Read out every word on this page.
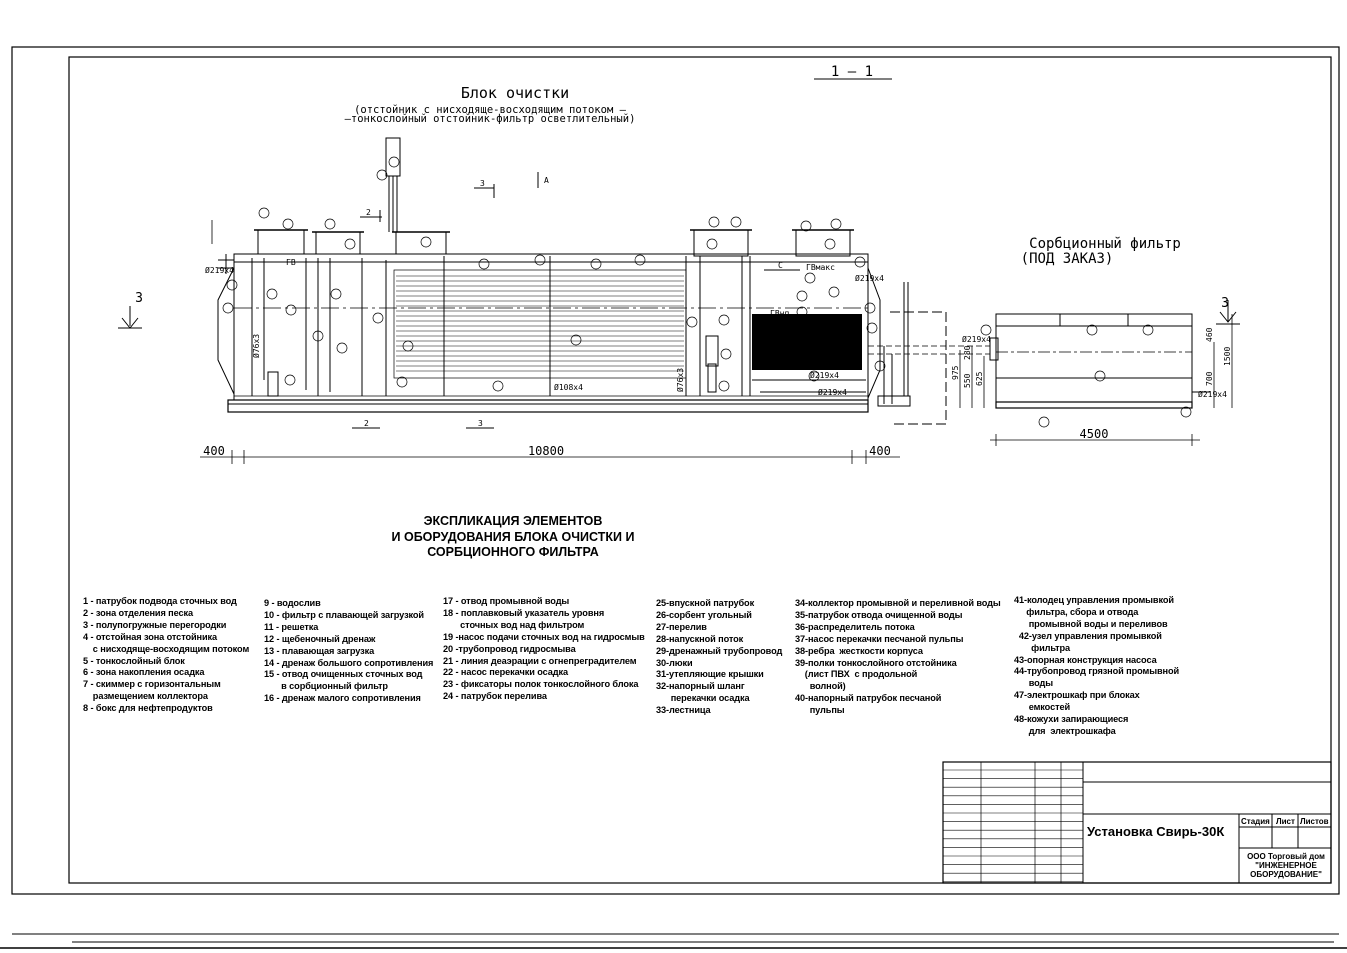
1 – 1
Блок очистки
(отстойник с нисходяще-восходящим потоком –
–тонкослойный отстойник-фильтр осветлительный)
Сорбционный фильтр
(ПОД ЗАКАЗ)
400	10800	400
4500
1500
975	700
625
550
460
280
Ø219x4
Ø219x4
Ø219x4
Ø219x4
Ø219x4
Ø219x4
Ø108x4
Ø76x3
Ø76x3
ГВ
ГВнп
ГВмакс
3	3
3
2
2	3
A
С
ЭКСПЛИКАЦИЯ ЭЛЕМЕНТОВ
И ОБОРУДОВАНИЯ БЛОКА ОЧИСТКИ И
СОРБЦИОННОГО ФИЛЬТРА
1 - патрубок подвода сточных вод
2 - зона отделения песка
3 - полупогружные перегородки
4 - отстойная зона отстойника
с нисходяще-восходящим потоком
5 - тонкослойный блок
6 - зона накопления осадка
7 - скиммер с горизонтальным
размещением коллектора
8 - бокс для нефтепродуктов
9 - водослив
10 - фильтр с плавающей загрузкой
11 - решетка
12 - щебеночный дренаж
13 - плавающая загрузка
14 - дренаж большого сопротивления
15 - отвод очищенных сточных вод
в сорбционный фильтр
16 - дренаж малого сопротивления
17 - отвод промывной воды
18 - поплавковый указатель уровня
сточных вод над фильтром
19 -насос подачи сточных вод на гидросмыв
20 -трубопровод гидросмыва
21 - линия деаэрации с огнепреградителем
22 - насос перекачки осадка
23 - фиксаторы полок тонкослойного блока
24 - патрубок перелива
25-впускной патрубок
26-сорбент угольный
27-перелив
28-напускной поток
29-дренажный трубопровод
30-люки
31-утепляющие крышки
32-напорный шланг
перекачки осадка
33-лестница
34-коллектор промывной и переливной воды
35-патрубок отвода очищенной воды
36-распределитель потока
37-насос перекачки песчаной пульпы
38-ребра  жесткости корпуса
39-полки тонкослойного отстойника
(лист ПВХ  с продольной
волной)
40-напорный патрубок песчаной
пульпы
41-колодец управления промывкой
фильтра, сбора и отвода
промывной воды и переливов
42-узел управления промывкой
фильтра
43-опорная конструкция насоса
44-трубопровод грязной промывной
воды
47-электрошкаф при блоках
емкостей
48-кожухи запирающиеся
для  электрошкафа
Установка Свирь-30К
Стадия Лист Листов
ООО Торговый дом
"ИНЖЕНЕРНОЕ
ОБОРУДОВАНИЕ"
